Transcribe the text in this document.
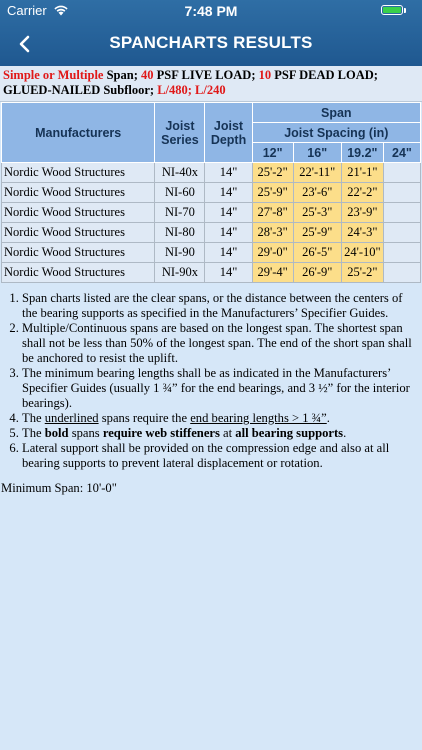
Carrier	7:48 PM
SPANCHARTS RESULTS
Simple or Multiple Span; 40 PSF LIVE LOAD; 10 PSF DEAD LOAD; GLUED-NAILED Subfloor; L/480; L/240
Manufacturers	Joist Series	Joist Depth	Span			
			Joist Spacing (in)			
			12"	16"	19.2"	24"
Nordic Wood Structures	NI-40x	14"	25'-2"	22'-11"	21'-1"	
Nordic Wood Structures	NI-60	14"	25'-9"	23'-6"	22'-2"	
Nordic Wood Structures	NI-70	14"	27'-8"	25'-3"	23'-9"	
Nordic Wood Structures	NI-80	14"	28'-3"	25'-9"	24'-3"	
Nordic Wood Structures	NI-90	14"	29'-0"	26'-5"	24'-10"	
Nordic Wood Structures	NI-90x	14"	29'-4"	26'-9"	25'-2"	
1. Span charts listed are the clear spans, or the distance between the centers of the bearing supports as specified in the Manufacturers’ Specifier Guides.
2. Multiple/Continuous spans are based on the longest span. The shortest span shall not be less than 50% of the longest span. The end of the short span shall be anchored to resist the uplift.
3. The minimum bearing lengths shall be as indicated in the Manufacturers’ Specifier Guides (usually 1 ¾” for the end bearings, and 3 ½” for the interior bearings).
4. The underlined spans require the end bearing lengths > 1 ¾”.
5. The bold spans require web stiffeners at all bearing supports.
6. Lateral support shall be provided on the compression edge and also at all bearing supports to prevent lateral displacement or rotation.
Minimum Span: 10'-0"
